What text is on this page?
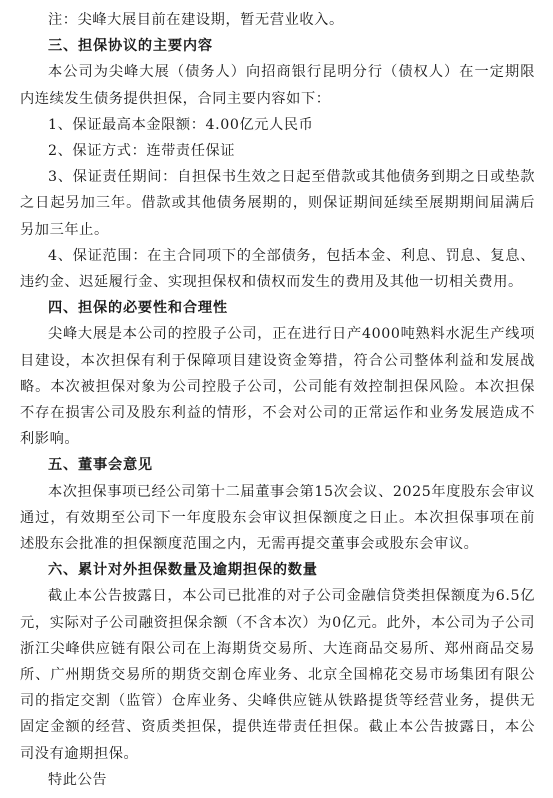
注：尖峰大展目前在建设期，暂无营业收入。

三、担保协议的主要内容

本公司为尖峰大展（债务人）向招商银行昆明分行（债权人）在一定期限内连续发生债务提供担保，合同主要内容如下：

1、保证最高本金限额：4.00亿元人民币

2、保证方式：连带责任保证

3、保证责任期间：自担保书生效之日起至借款或其他债务到期之日或垫款之日起另加三年。借款或其他债务展期的，则保证期间延续至展期期间届满后另加三年止。

4、保证范围：在主合同项下的全部债务，包括本金、利息、罚息、复息、违约金、迟延履行金、实现担保权和债权而发生的费用及其他一切相关费用。

四、担保的必要性和合理性

尖峰大展是本公司的控股子公司，正在进行日产4000吨熟料水泥生产线项目建设，本次担保有利于保障项目建设资金筹措，符合公司整体利益和发展战略。本次被担保对象为公司控股子公司，公司能有效控制担保风险。本次担保不存在损害公司及股东利益的情形，不会对公司的正常运作和业务发展造成不利影响。

五、董事会意见

本次担保事项已经公司第十二届董事会第15次会议、2025年度股东会审议通过，有效期至公司下一年度股东会审议担保额度之日止。本次担保事项在前述股东会批准的担保额度范围之内，无需再提交董事会或股东会审议。

六、累计对外担保数量及逾期担保的数量

截止本公告披露日，本公司已批准的对子公司金融信贷类担保额度为6.5亿元，实际对子公司融资担保余额（不含本次）为0亿元。此外，本公司为子公司浙江尖峰供应链有限公司在上海期货交易所、大连商品交易所、郑州商品交易所、广州期货交易所的期货交割仓库业务、北京全国棉花交易市场集团有限公司的指定交割（监管）仓库业务、尖峰供应链从铁路提货等经营业务，提供无固定金额的经营、资质类担保，提供连带责任担保。截止本公告披露日，本公司没有逾期担保。

特此公告
